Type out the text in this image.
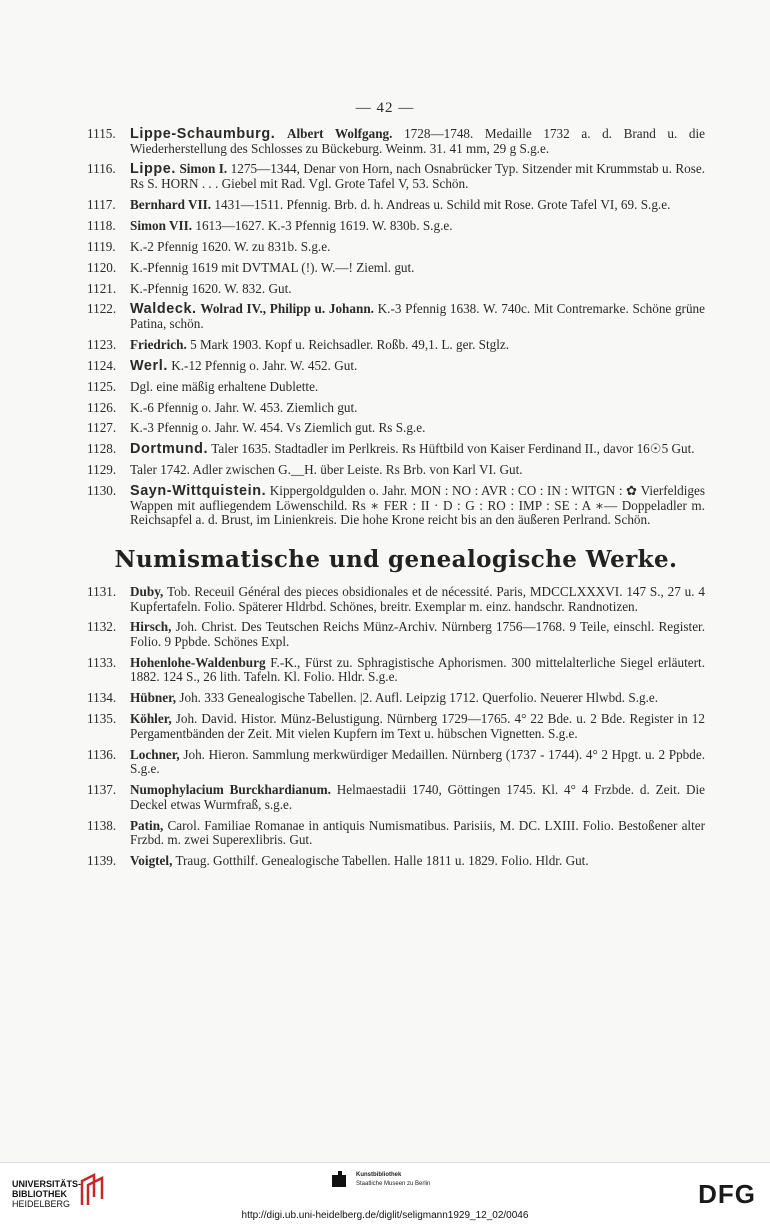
— 42 —
1115. Lippe-Schaumburg. Albert Wolfgang. 1728—1748. Medaille 1732 a. d. Brand u. die Wiederherstellung des Schlosses zu Bückeburg. Weinm. 31. 41 mm, 29 g S.g.e.
1116. Lippe. Simon I. 1275—1344, Denar von Horn, nach Osnabrücker Typ. Sitzender mit Krummstab u. Rose. Rs S. HORN . . . Giebel mit Rad. Vgl. Grote Tafel V, 53. Schön.
1117.	Bernhard VII. 1431—1511. Pfennig. Brb. d. h. Andreas u. Schild mit Rose. Grote Tafel VI, 69. S.g.e.
1118.	Simon VII. 1613—1627. K.-3 Pfennig 1619. W. 830b. S.g.e.
1119.	K.-2 Pfennig 1620. W. zu 831b. S.g.e.
1120.	K.-Pfennig 1619 mit DVTMAL (!). W.—! Zieml. gut.
1121.	K.-Pfennig 1620. W. 832. Gut.
1122. Waldeck. Wolrad IV., Philipp u. Johann. K.-3 Pfennig 1638. W. 740c. Mit Contremarke. Schöne grüne Patina, schön.
1123.	Friedrich. 5 Mark 1903. Kopf u. Reichsadler. Roßb. 49,1. L. ger. Stglz.
1124. Werl. K.-12 Pfennig o. Jahr. W. 452. Gut.
1125.	Dgl. eine mäßig erhaltene Dublette.
1126.	K.-6 Pfennig o. Jahr. W. 453. Ziemlich gut.
1127.	K.-3 Pfennig o. Jahr. W. 454. Vs Ziemlich gut. Rs S.g.e.
1128. Dortmund. Taler 1635. Stadtadler im Perlkreis. Rs Hüftbild von Kaiser Ferdinand II., davor 16☉5 Gut.
1129.	Taler 1742. Adler zwischen G.__H. über Leiste. Rs Brb. von Karl VI. Gut.
1130. Sayn-Wittquistein. Kippergoldgulden o. Jahr. MON : NO : AVR : CO : IN : WITGN : ✿ Vierfeldiges Wappen mit aufliegendem Löwenschild. Rs ∗ FER : II · D : G : RO : IMP : SE : A ∗— Doppeladler m. Reichsapfel a. d. Brust, im Linienkreis. Die hohe Krone reicht bis an den äußeren Perlrand. Schön.
Numismatische und genealogische Werke.
1131.	Duby, Tob. Receuil Général des pieces obsidionales et de nécessité. Paris, MDCCLXXXVI. 147 S., 27 u. 4 Kupfertafeln. Folio. Späterer Hldrbd. Schönes, breitr. Exemplar m. einz. handschr. Randnotizen.
1132.	Hirsch, Joh. Christ. Des Teutschen Reichs Münz-Archiv. Nürnberg 1756—1768. 9 Teile, einschl. Register. Folio. 9 Ppbde. Schönes Expl.
1133.	Hohenlohe-Waldenburg F.-K., Fürst zu. Sphragistische Aphorismen. 300 mittelalterliche Siegel erläutert. 1882. 124 S., 26 lith. Tafeln. Kl. Folio. Hldr. S.g.e.
1134.	Hübner, Joh. 333 Genealogische Tabellen. |2. Aufl. Leipzig 1712. Querfolio. Neuerer Hlwbd. S.g.e.
1135.	Köhler, Joh. David. Histor. Münz-Belustigung. Nürnberg 1729—1765. 4° 22 Bde. u. 2 Bde. Register in 12 Pergamentbänden der Zeit. Mit vielen Kupfern im Text u. hübschen Vignetten. S.g.e.
1136.	Lochner, Joh. Hieron. Sammlung merkwürdiger Medaillen. Nürnberg (1737 - 1744). 4° 2 Hpgt. u. 2 Ppbde. S.g.e.
1137.	Numophylacium Burckhardianum. Helmaestadii 1740, Göttingen 1745. Kl. 4° 4 Frzbde. d. Zeit. Die Deckel etwas Wurmfraß, s.g.e.
1138.	Patin, Carol. Familiae Romanae in antiquis Numismatibus. Parisiis, M. DC. LXIII. Folio. Bestoßener alter Frzbd. m. zwei Superexlibris. Gut.
1139.	Voigtel, Traug. Gotthilf. Genealogische Tabellen. Halle 1811 u. 1829. Folio. Hldr. Gut.
UNIVERSITÄTS-
BIBLIOTHEK
HEIDELBERG
Kunstbibliothek
Staatliche Museen zu Berlin	DFG
http://digi.ub.uni-heidelberg.de/diglit/seligmann1929_12_02/0046
